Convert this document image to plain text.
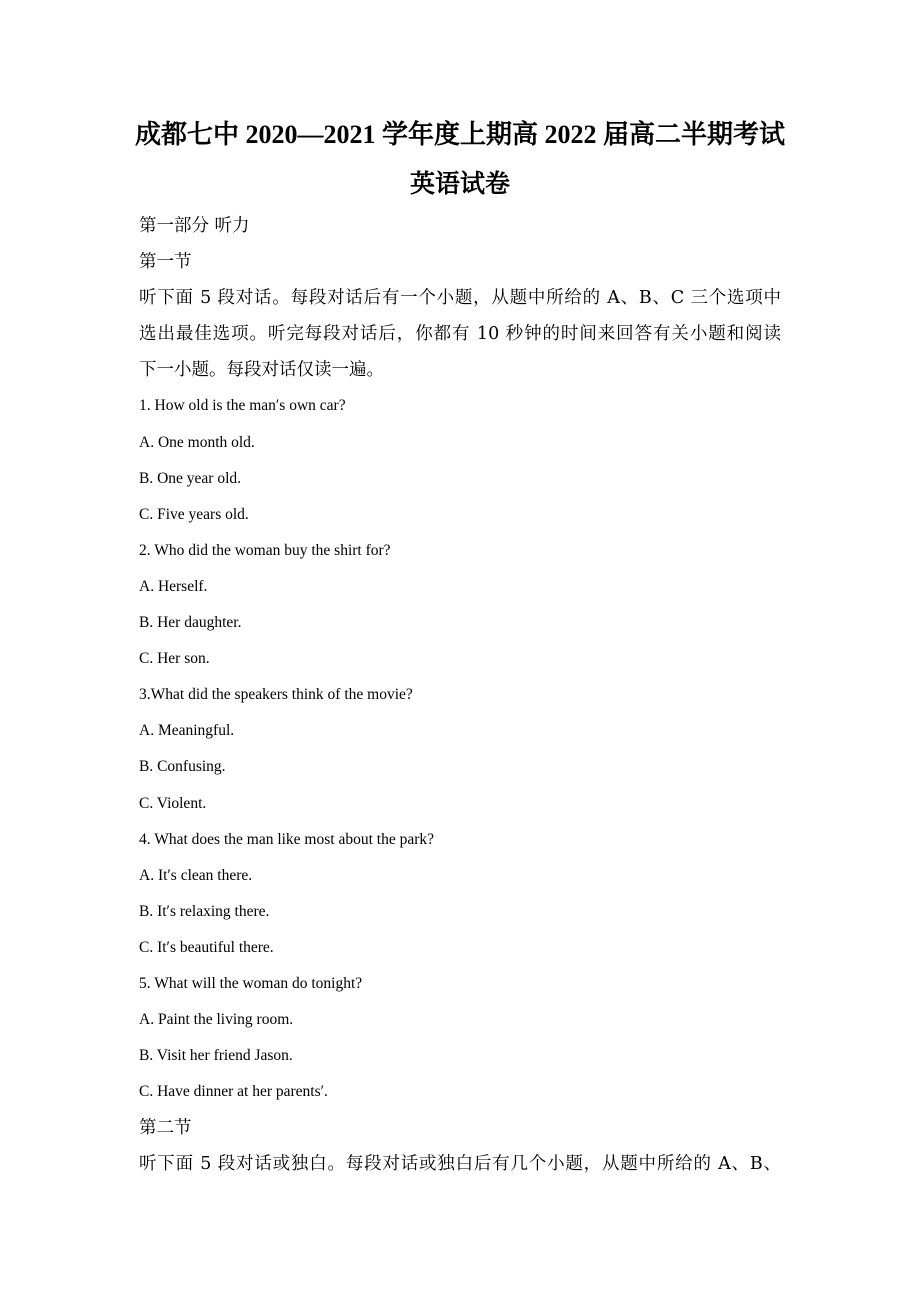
成都七中 2020—2021 学年度上期高 2022 届高二半期考试
英语试卷
第一部分 听力
第一节
听下面 5 段对话。每段对话后有一个小题，从题中所给的 A、B、C 三个选项中
选出最佳选项。听完每段对话后，你都有 10 秒钟的时间来回答有关小题和阅读
下一小题。每段对话仅读一遍。
1. How old is the man′s own car?
A. One month old.
B. One year old.
C. Five years old.
2. Who did the woman buy the shirt for?
A. Herself.
B. Her daughter.
C. Her son.
3.What did the speakers think of the movie?
A. Meaningful.
B. Confusing.
C. Violent.
4. What does the man like most about the park?
A. It′s clean there.
B. It′s relaxing there.
C. It′s beautiful there.
5. What will the woman do tonight?
A. Paint the living room.
B. Visit her friend Jason.
C. Have dinner at her parents′.
第二节
听下面 5 段对话或独白。每段对话或独白后有几个小题，从题中所给的 A、B、
